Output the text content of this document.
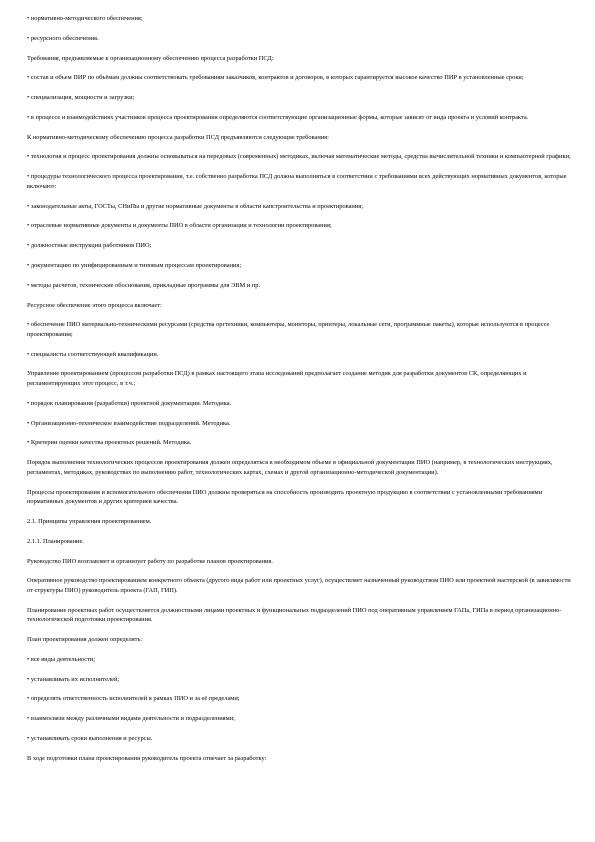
• нормативно-методического обеспечения;

• ресурсного обеспечения.

Требования, предъявляемые к организационному обеспечению процесса разработки ПСД:

• состав и объем ПИР по объёмам должны соответствовать требованиям заказчиков, контрактов и договоров, в которых гарантируется высокое качество ПИР в установленные сроки;

• специализация, мощности и загрузки;

• в процессе и взаимодействиях участников процесса проектирования определяются соответствующие организационные формы, которые зависят от вида проекта и условий контракта.

К нормативно-методическому обеспечению процесса разработки ПСД предъявляются следующие требования:

• технология и процесс проектирования должны основываться на передовых (современных) методиках, включая математические методы, средства вычислительной техники и компьютерной графики;

• процедуры технологического процесса проектирования, т.е. собственно разработка ПСД должна выполняться в соответствии с требованиями всех действующих нормативных документов, которые включают:

• законодательные акты, ГОСТы, СНиПы и другие нормативные документы в области капстроительства и проектирования;

• отраслевые нормативные документы и документы ПИО в области организации и технологии проектирования;

• должностные инструкции работников ПИО;

• документацию по унифицированным и типовым процессам проектирования;

• методы расчетов, технические обоснования, прикладные программы для ЭВМ и пр.

Ресурсное обеспечение этого процесса включает:

• обеспечение ПИО материально-техническими ресурсами (средства оргтехники, компьютеры, мониторы, принтеры, локальные сети, программные пакеты), которые используются в процессе проектирования;

• специалисты соответствующей квалификации.

Управление проектированием (процессом разработки ПСД) в рамках настоящего этапа исследований предполагает создание методик для разработки документов СК, определяющих и регламентирующих этот процесс, в т.ч.:

• порядок планирования (разработки) проектной документации. Методика.

• Организационно-техническое взаимодействие подразделений. Методика.

• Критерии оценки качества проектных решений. Методика.

Порядок выполнения технологических процессов проектирования должен определяться в необходимом объеме в официальной документации ПИО (например, в технологических инструкциях, регламентах, методиках, руководствах по выполнению работ, технологических картах, схемах и другой организационно-методической документации).

Процессы проектирования и вспомогательного обеспечения ПИО должны проверяться на способность производить проектную продукцию в соответствии с установленными требованиями нормативных документов и других критериев качества.

2.1. Принципы управления проектированием.

2.1.1. Планирование.

Руководство ПИО возглавляет и организует работу по разработке планов проектирования.

Оперативное руководство проектированием конкретного объекта (другого вида работ или проектных услуг), осуществляет назначенный руководством ПИО или проектной мастерской (в зависимости от структуры ПИО) руководитель проекта (ГАП, ГИП).

Планирование проектных работ осуществляется должностными лицами проектных и функциональных подразделений ПИО под оперативным управлением ГАПа, ГИПа в период организационно-технологической подготовки проектирования.

План проектирования должен определять:

• все виды деятельности;

• устанавливать их исполнителей;

• определять ответственность исполнителей в рамках ПИО и за её пределами;

• взаимосвязи между различными видами деятельности и подразделениями;

• устанавливать сроки выполнения и ресурсы.

В ходе подготовки плана проектирования руководитель проекта отвечает за разработку:
